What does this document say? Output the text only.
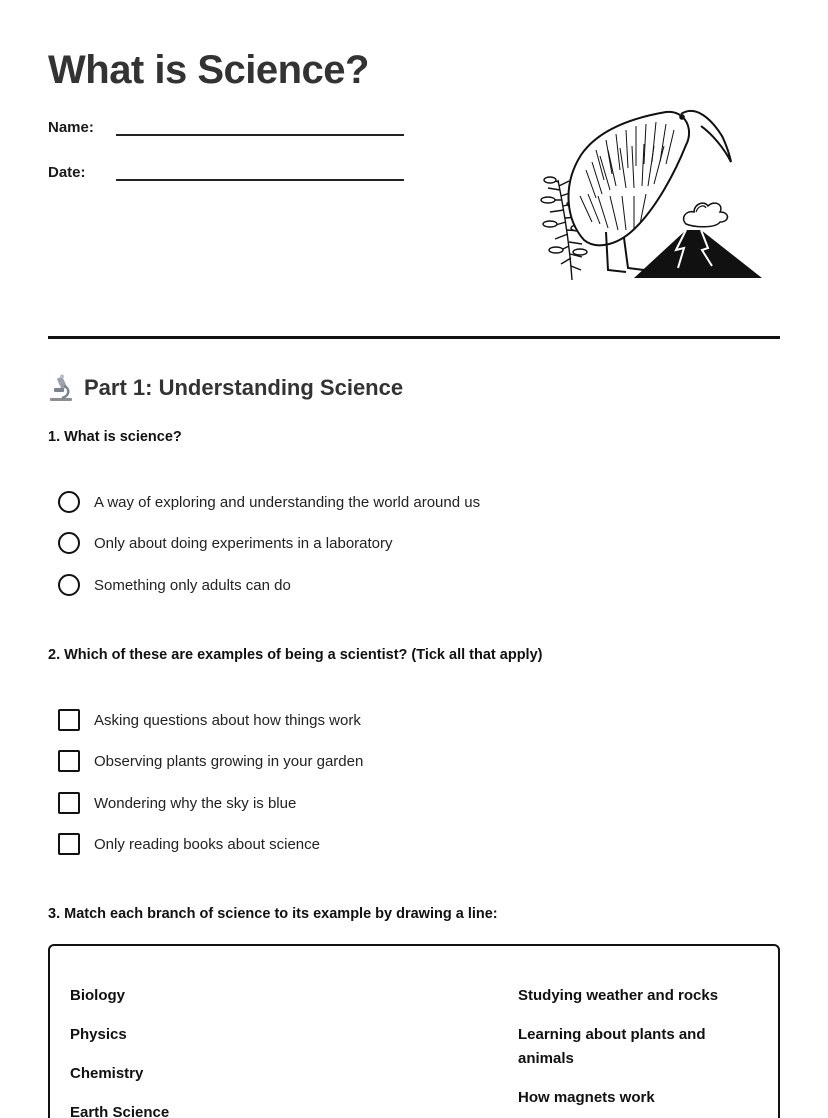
What is Science?
Name:
Date:
Part 1: Understanding Science
1. What is science?
A way of exploring and understanding the world around us
Only about doing experiments in a laboratory
Something only adults can do
2. Which of these are examples of being a scientist? (Tick all that apply)
Asking questions about how things work
Observing plants growing in your garden
Wondering why the sky is blue
Only reading books about science
3. Match each branch of science to its example by drawing a line:
Biology
Physics
Chemistry
Earth Science
Studying weather and rocks
Learning about plants and animals
How magnets work
